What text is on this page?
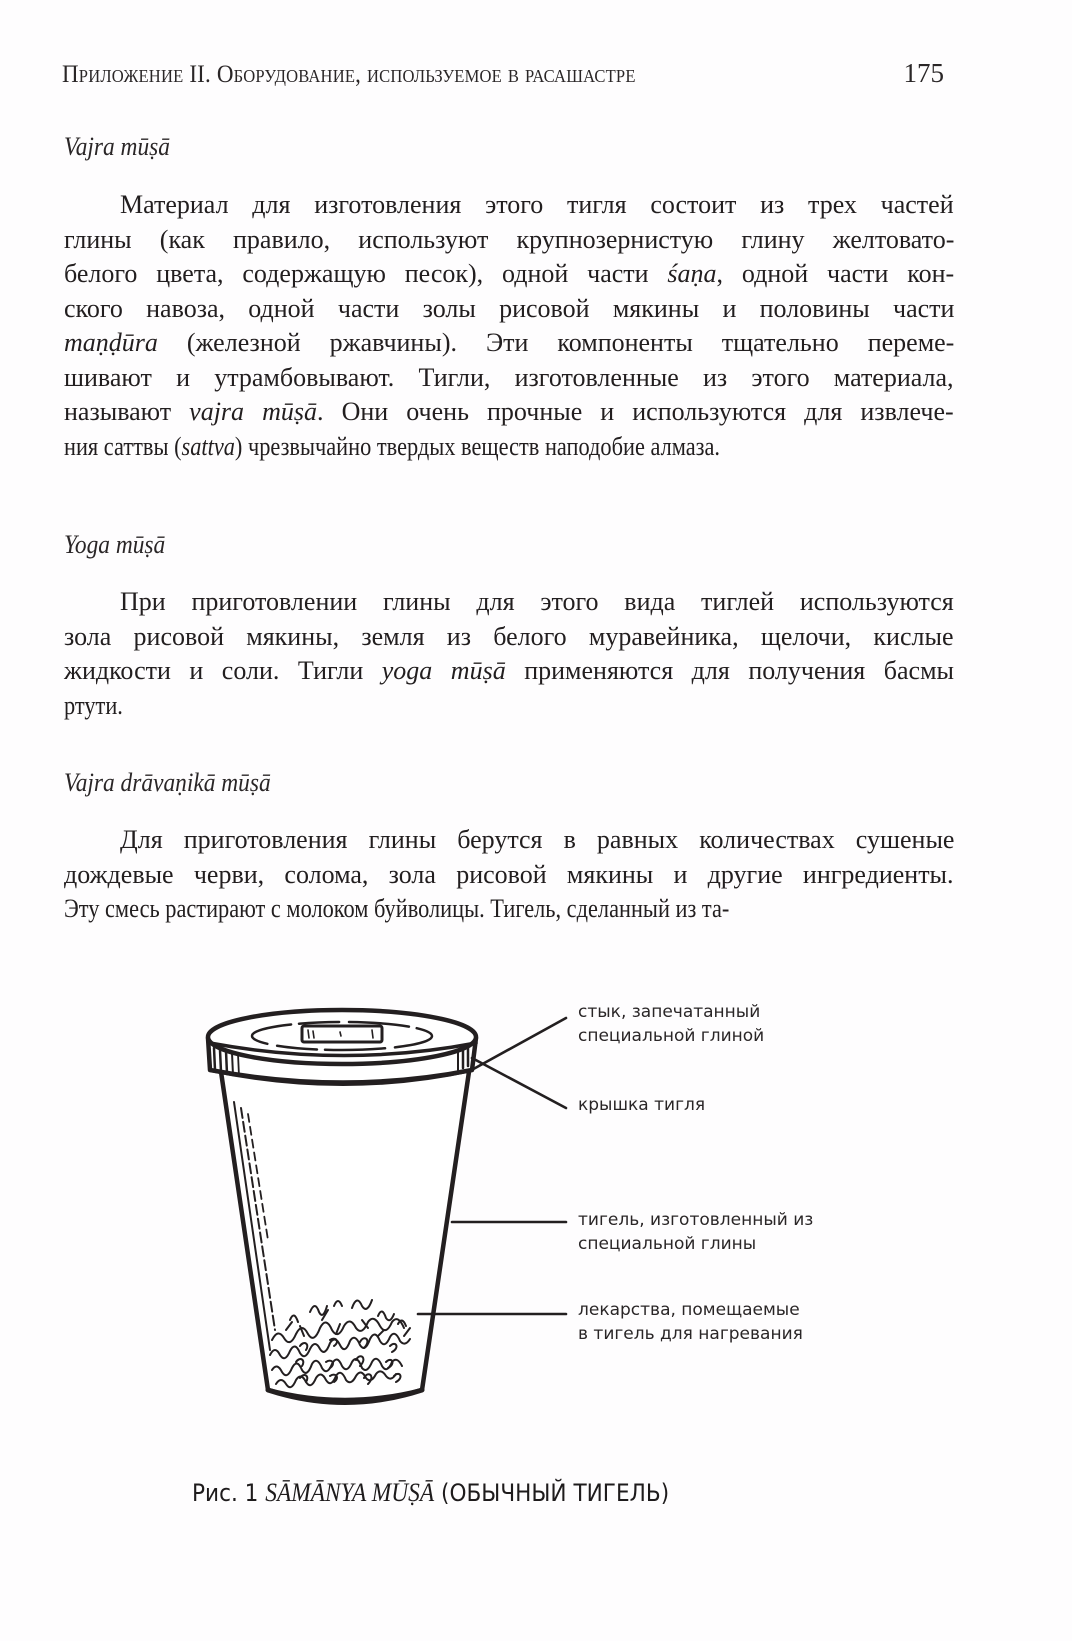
Приложение II. Оборудование, используемое в расашастре	175
Vajra mūṣā
Материал для изготовления этого тигля состоит из трех частей
глины (как правило, используют крупнозернистую глину желтовато-
белого цвета, содержащую песок), одной части śaṇa, одной части кон-
ского навоза, одной части золы рисовой мякины и половины части
maṇḍūra (железной ржавчины). Эти компоненты тщательно переме-
шивают и утрамбовывают. Тигли, изготовленные из этого материала,
называют vajra mūṣā. Они очень прочные и используются для извлече-
ния саттвы (sattva) чрезвычайно твердых веществ наподобие алмаза.
Yoga mūṣā
При приготовлении глины для этого вида тиглей используются
зола рисовой мякины, земля из белого муравейника, щелочи, кислые
жидкости и соли. Тигли yoga mūṣā применяются для получения басмы
ртути.
Vajra drāvaṇikā mūṣā
Для приготовления глины берутся в равных количествах сушеные
дождевые черви, солома, зола рисовой мякины и другие ингредиенты.
Эту смесь растирают с молоком буйволицы. Тигель, сделанный из та-
стык, запечатанный
специальной глиной
крышка тигля
тигель, изготовленный из
специальной глины
лекарства, помещаемые
в тигель для нагревания
Рис. 1 SĀMĀNYA MŪṢĀ (ОБЫЧНЫЙ ТИГЕЛЬ)
